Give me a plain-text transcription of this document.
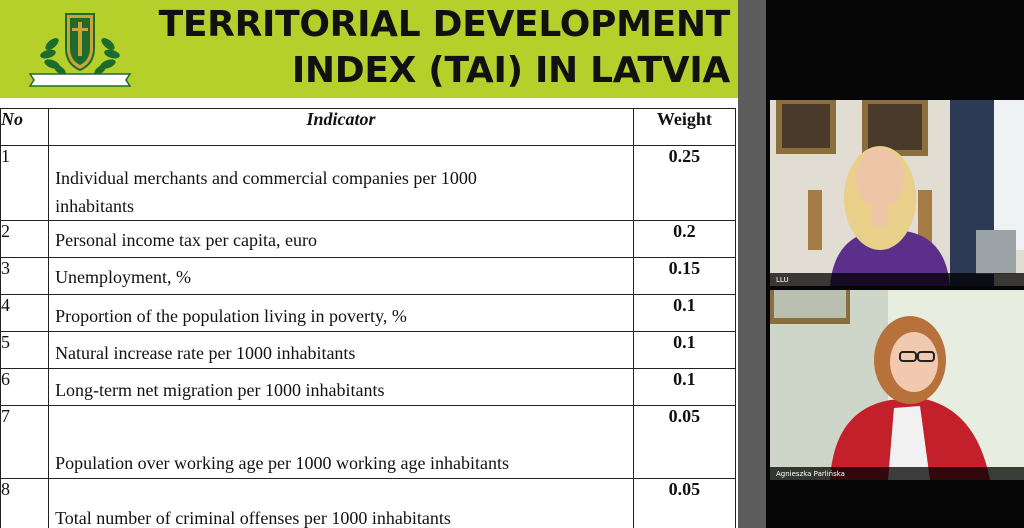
TERRITORIAL DEVELOPMENT
INDEX (TAI) IN LATVIA
No	Indicator	Weight
1	Individual merchants and commercial companies per 1000
inhabitants	0.25
2	Personal income tax per capita, euro	0.2
3	Unemployment, %	0.15
4	Proportion of the population living in poverty, %	0.1
5	Natural increase rate per 1000 inhabitants	0.1
6	Long-term net migration per 1000 inhabitants	0.1
7	Population over working age per 1000 working age inhabitants	0.05
8	Total number of criminal offenses per 1000 inhabitants	0.05
LLU
Agnieszka Parlińska
